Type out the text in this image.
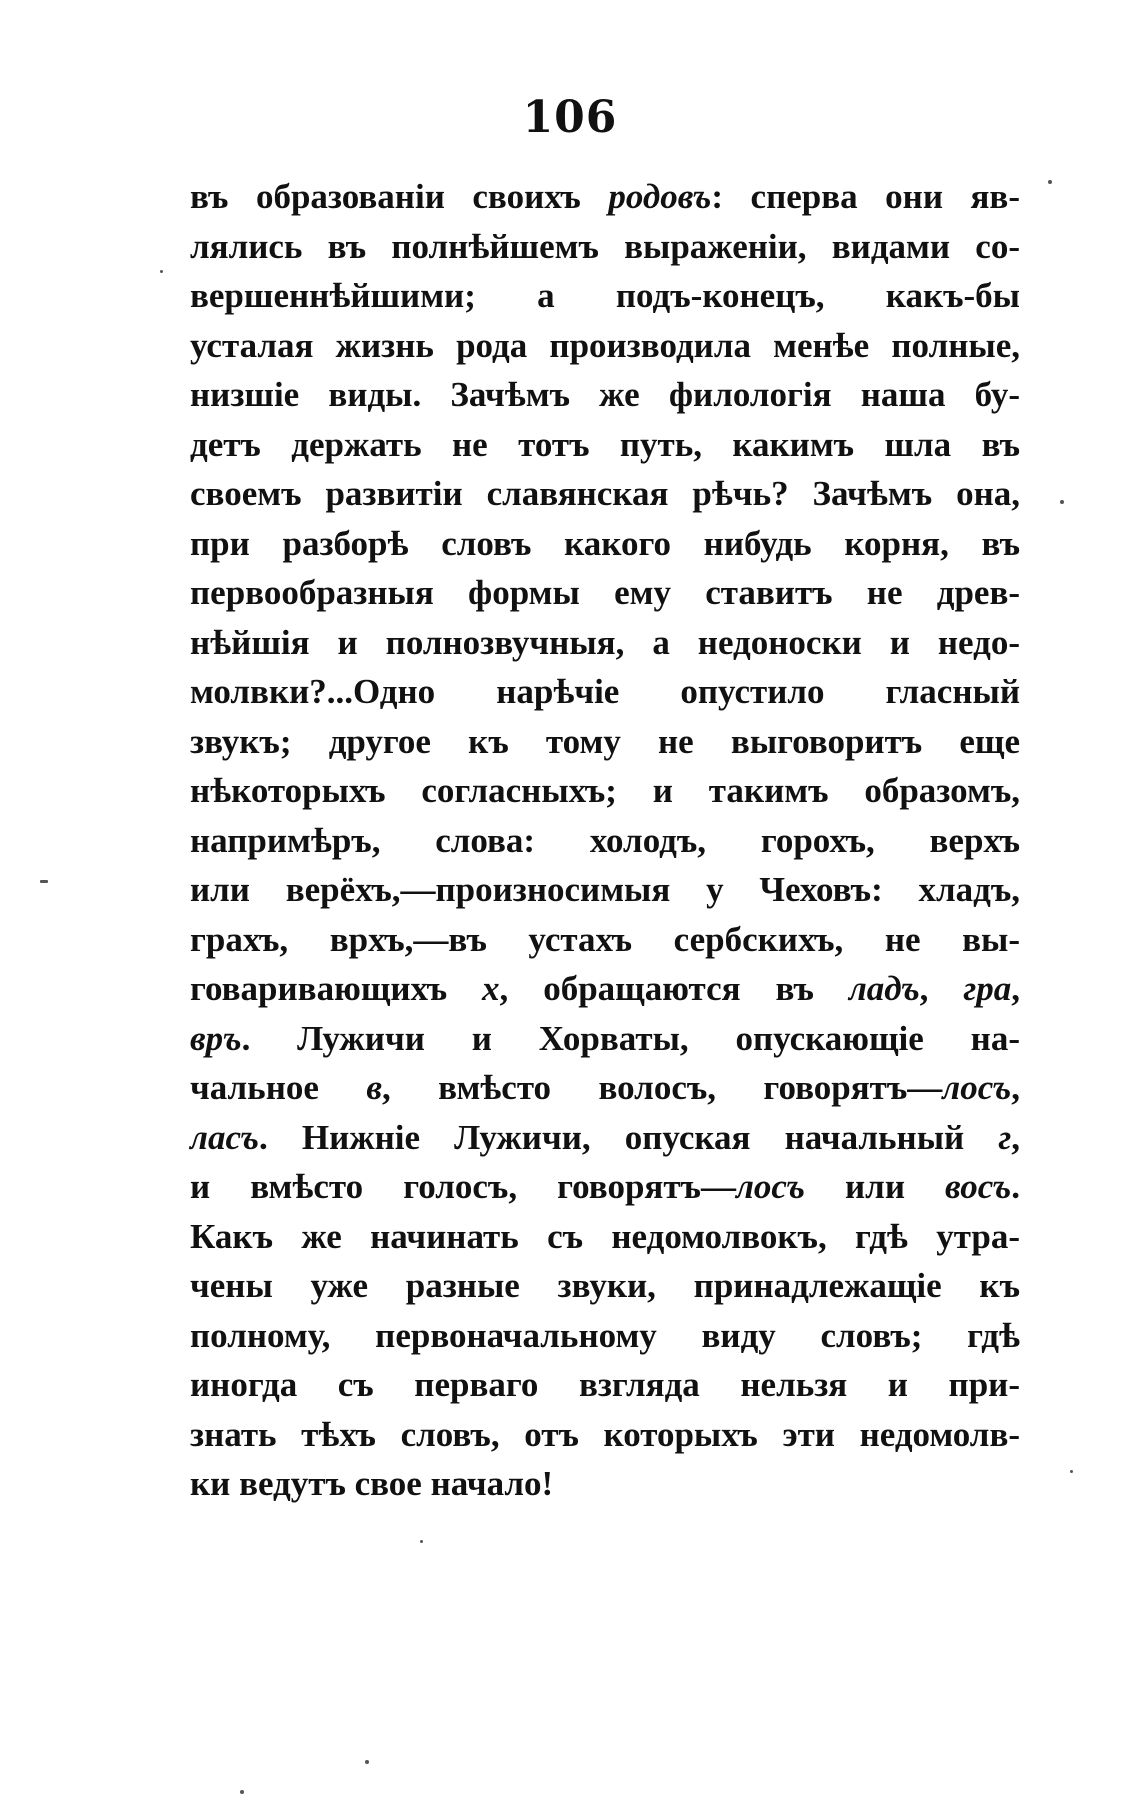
106
въ образованіи своихъ родовъ: сперва они яв-
лялись въ полнѣйшемъ выраженіи, видами со-
вершеннѣйшими; а подъ-конецъ, какъ-бы
усталая жизнь рода производила менѣе полные,
низшіе виды. Зачѣмъ же филологія наша бу-
детъ держать не тотъ путь, какимъ шла въ
своемъ развитіи славянская рѣчь? Зачѣмъ она,
при разборѣ словъ какого нибудь корня, въ
первообразныя формы ему ставитъ не древ-
нѣйшія и полнозвучныя, а недоноски и недо-
молвки?...Одно нарѣчіе опустило гласный
звукъ; другое къ тому не выговоритъ еще
нѣкоторыхъ согласныхъ; и такимъ образомъ,
напримѣръ, слова: холодъ, горохъ, верхъ
или верёхъ,—произносимыя у Чеховъ: хладъ,
грахъ, врхъ,—въ устахъ сербскихъ, не вы-
говаривающихъ х, обращаются въ ладъ, гра,
връ. Лужичи и Хорваты, опускающіе на-
чальное в, вмѣсто волосъ, говорятъ—лосъ,
ласъ. Нижніе Лужичи, опуская начальный г,
и вмѣсто голосъ, говорятъ—лосъ или восъ.
Какъ же начинать съ недомолвокъ, гдѣ утра-
чены уже разные звуки, принадлежащіе къ
полному, первоначальному виду словъ; гдѣ
иногда съ перваго взгляда нельзя и при-
знать тѣхъ словъ, отъ которыхъ эти недомолв-
ки ведутъ свое начало!
